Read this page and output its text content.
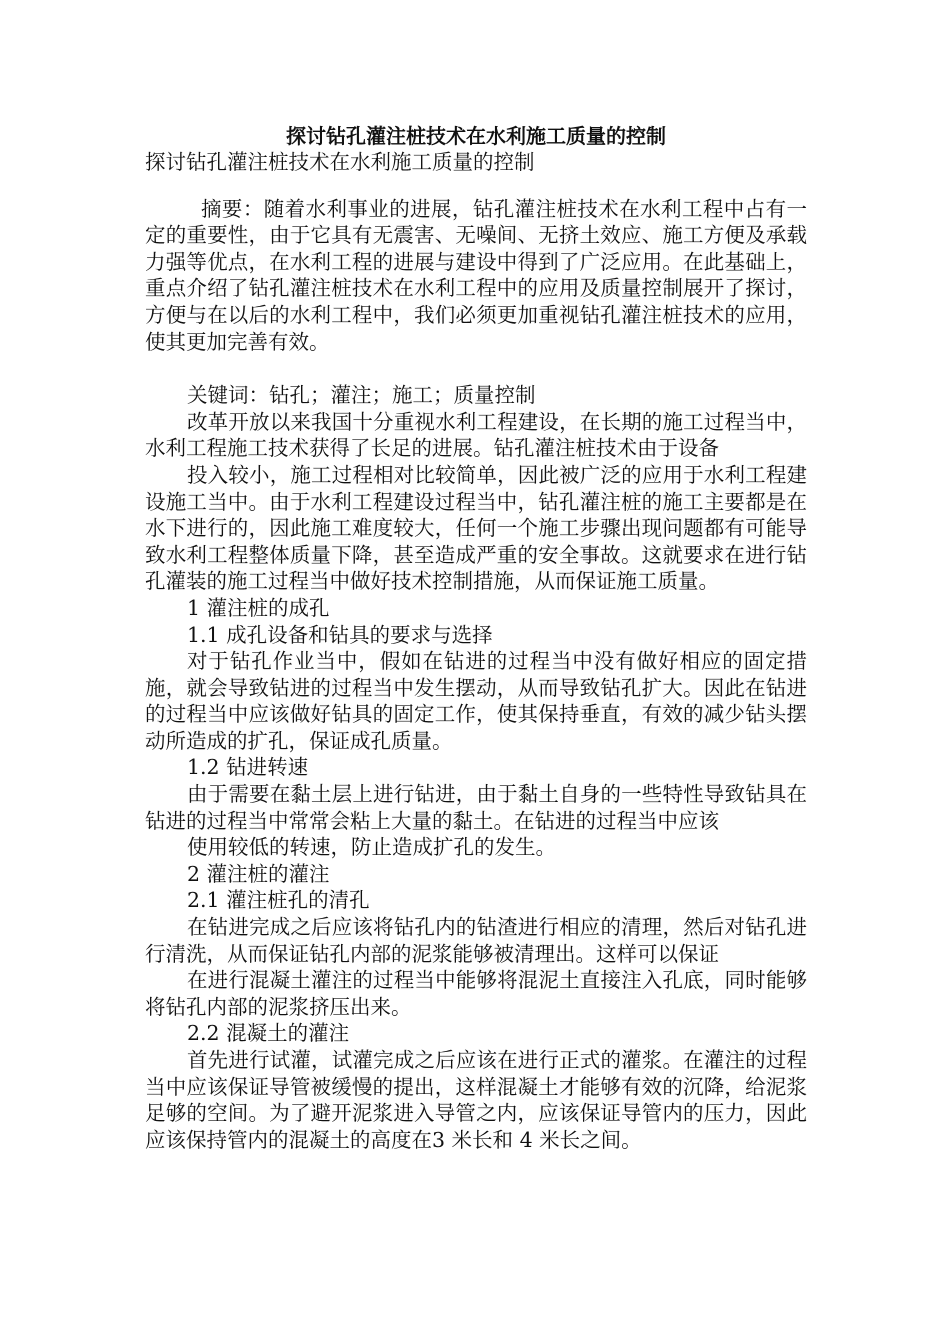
探讨钻孔灌注桩技术在水利施工质量的控制

探讨钻孔灌注桩技术在水利施工质量的控制

摘要：随着水利事业的进展，钻孔灌注桩技术在水利工程中占有一定的重要性，由于它具有无震害、无噪间、无挤土效应、施工方便及承载力强等优点，在水利工程的进展与建设中得到了广泛应用。在此基础上，重点介绍了钻孔灌注桩技术在水利工程中的应用及质量控制展开了探讨，方便与在以后的水利工程中，我们必须更加重视钻孔灌注桩技术的应用，使其更加完善有效。

关键词：钻孔；灌注；施工；质量控制

改革开放以来我国十分重视水利工程建设，在长期的施工过程当中，水利工程施工技术获得了长足的进展。钻孔灌注桩技术由于设备

投入较小，施工过程相对比较简单，因此被广泛的应用于水利工程建设施工当中。由于水利工程建设过程当中，钻孔灌注桩的施工主要都是在水下进行的，因此施工难度较大，任何一个施工步骤出现问题都有可能导致水利工程整体质量下降，甚至造成严重的安全事故。这就要求在进行钻孔灌装的施工过程当中做好技术控制措施，从而保证施工质量。

1 灌注桩的成孔

1.1 成孔设备和钻具的要求与选择

对于钻孔作业当中，假如在钻进的过程当中没有做好相应的固定措施，就会导致钻进的过程当中发生摆动，从而导致钻孔扩大。因此在钻进的过程当中应该做好钻具的固定工作，使其保持垂直，有效的减少钻头摆动所造成的扩孔，保证成孔质量。

1.2 钻进转速

由于需要在黏土层上进行钻进，由于黏土自身的一些特性导致钻具在钻进的过程当中常常会粘上大量的黏土。在钻进的过程当中应该

使用较低的转速，防止造成扩孔的发生。

2 灌注桩的灌注

2.1 灌注桩孔的清孔

在钻进完成之后应该将钻孔内的钻渣进行相应的清理，然后对钻孔进行清洗，从而保证钻孔内部的泥浆能够被清理出。这样可以保证

在进行混凝土灌注的过程当中能够将混泥土直接注入孔底，同时能够将钻孔内部的泥浆挤压出来。

2.2 混凝土的灌注

首先进行试灌，试灌完成之后应该在进行正式的灌浆。在灌注的过程当中应该保证导管被缓慢的提出，这样混凝土才能够有效的沉降，给泥浆足够的空间。为了避开泥浆进入导管之内，应该保证导管内的压力，因此应该保持管内的混凝土的高度在3 米长和 4 米长之间。
